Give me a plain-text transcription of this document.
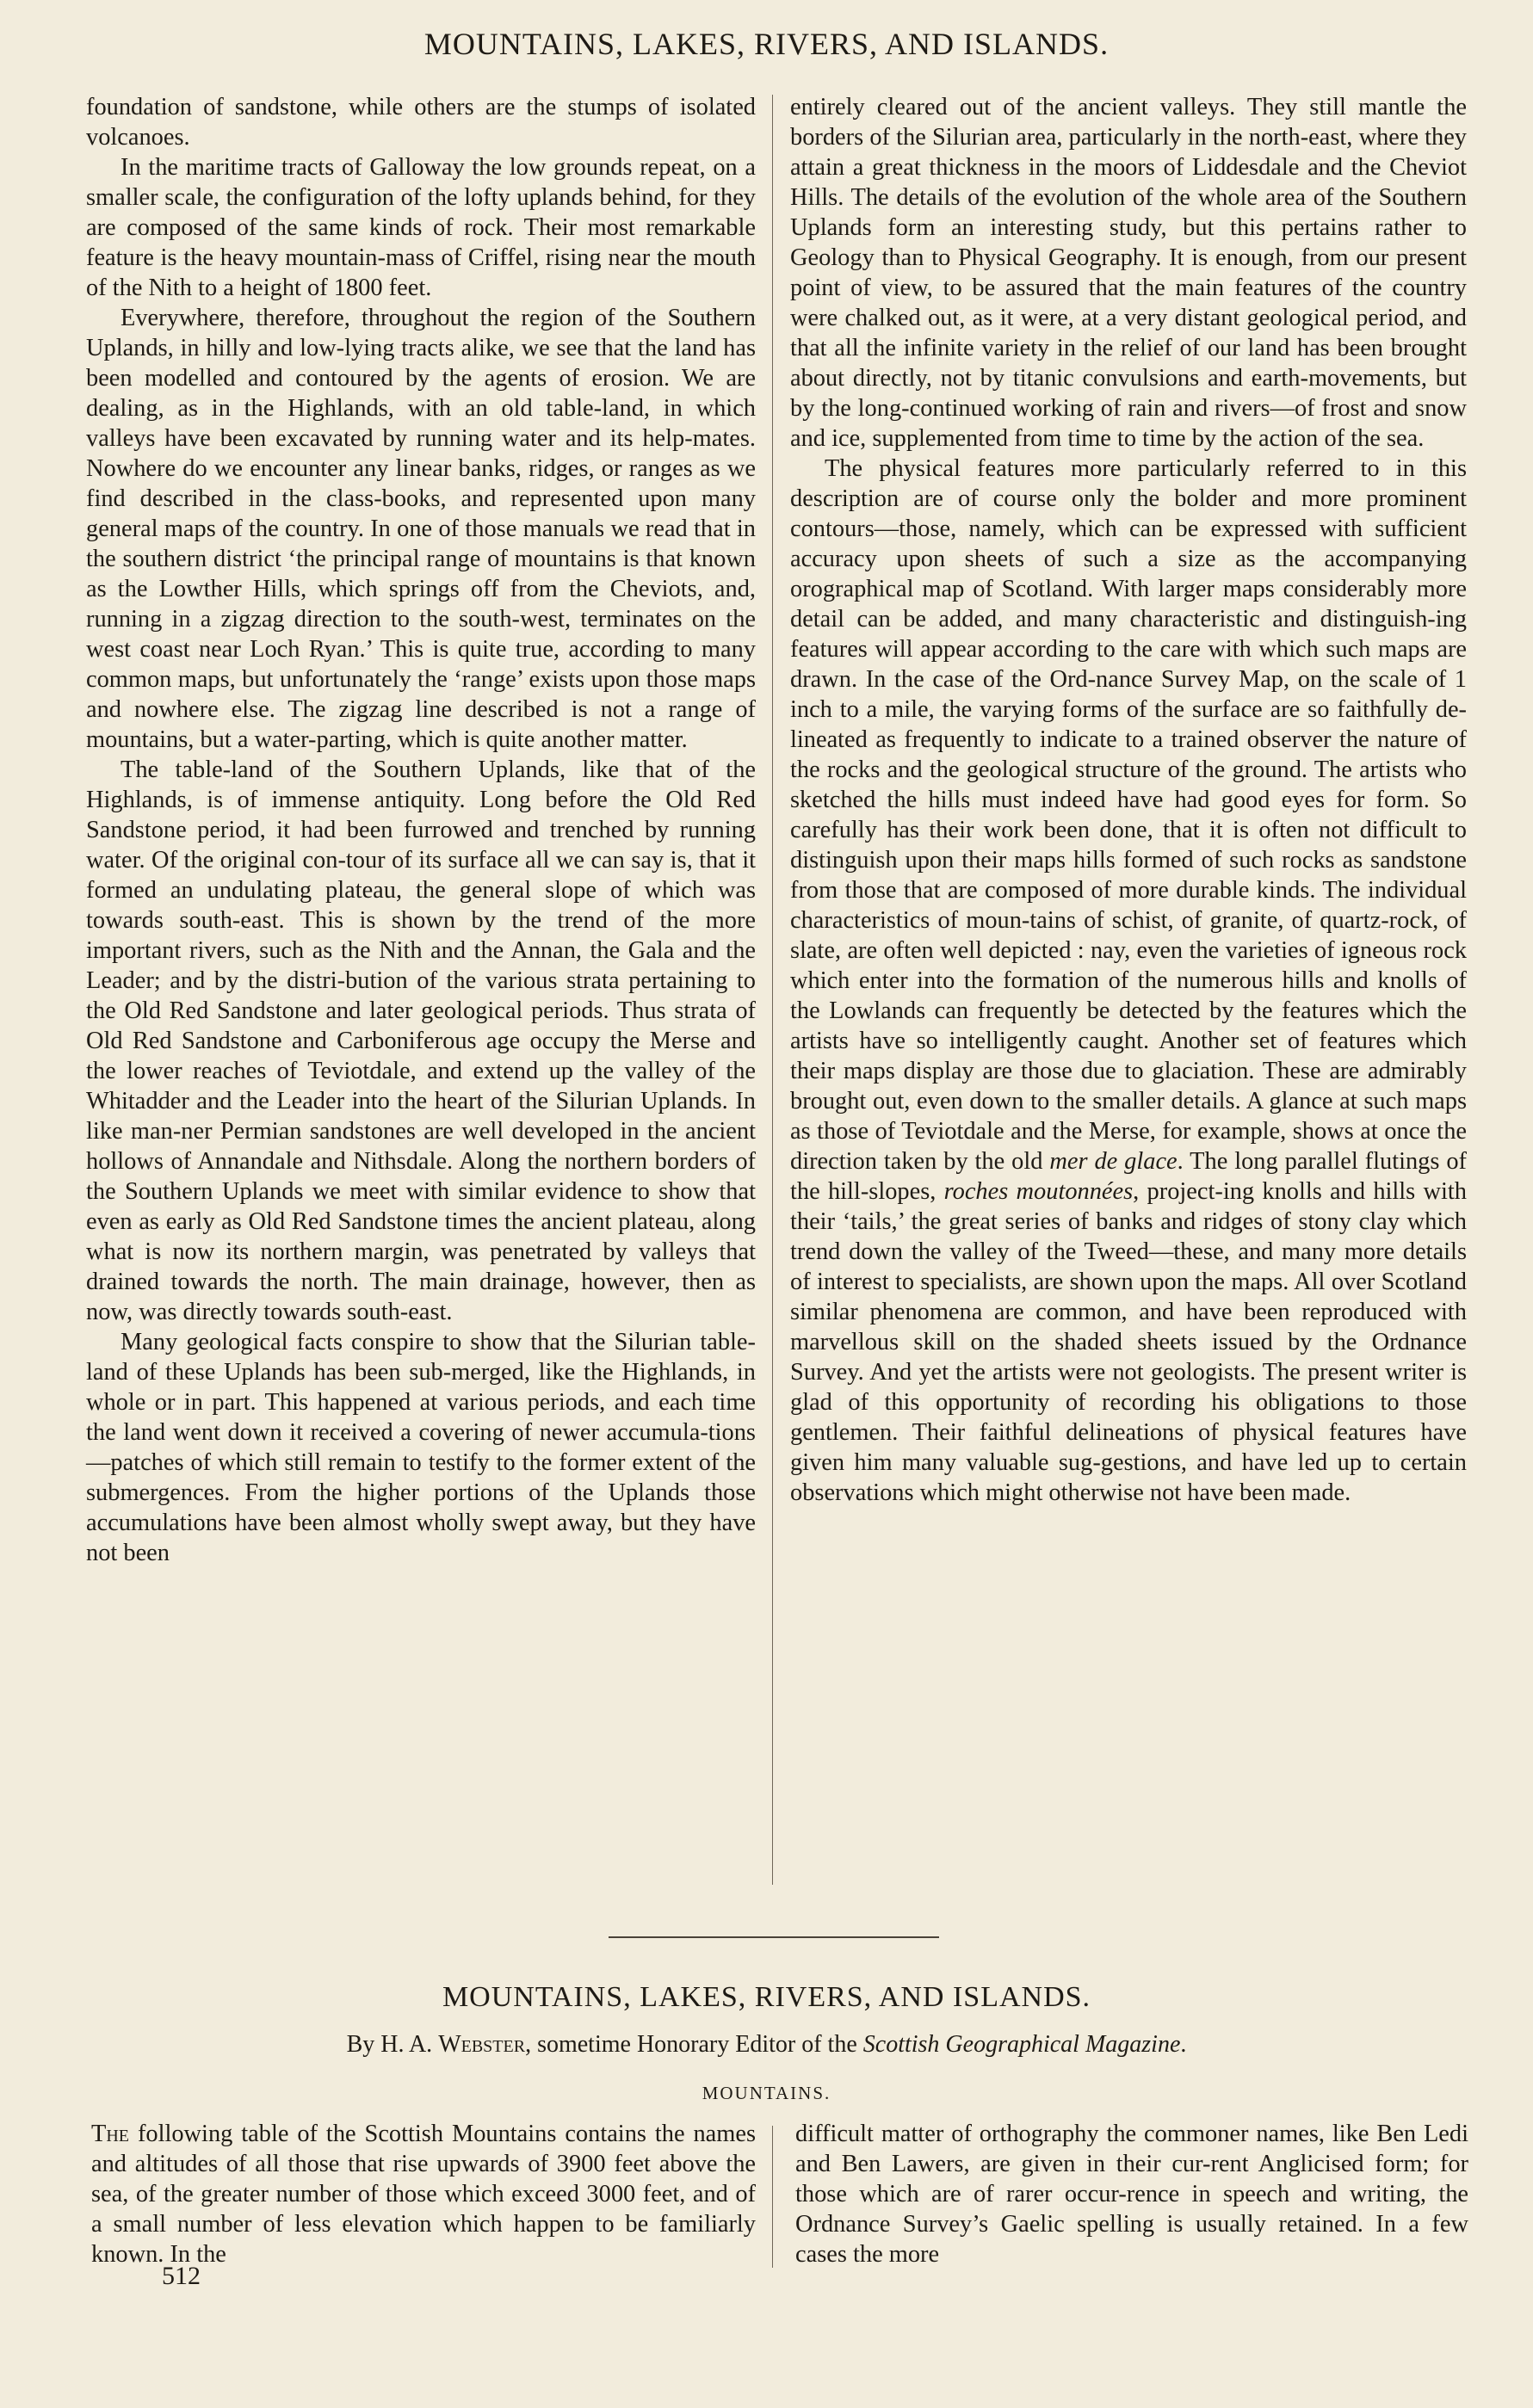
MOUNTAINS, LAKES, RIVERS, AND ISLANDS.

foundation of sandstone, while others are the stumps of isolated volcanoes.

In the maritime tracts of Galloway the low grounds repeat, on a smaller scale, the configuration of the lofty uplands behind, for they are composed of the same kinds of rock. Their most remarkable feature is the heavy mountain-mass of Criffel, rising near the mouth of the Nith to a height of 1800 feet.

Everywhere, therefore, throughout the region of the Southern Uplands, in hilly and low-lying tracts alike, we see that the land has been modelled and contoured by the agents of erosion. We are dealing, as in the Highlands, with an old table-land, in which valleys have been excavated by running water and its help-mates. Nowhere do we encounter any linear banks, ridges, or ranges as we find described in the class-books, and represented upon many general maps of the country. In one of those manuals we read that in the southern district ‘the principal range of mountains is that known as the Lowther Hills, which springs off from the Cheviots, and, running in a zigzag direction to the south-west, terminates on the west coast near Loch Ryan.’ This is quite true, according to many common maps, but unfortunately the ‘range’ exists upon those maps and nowhere else. The zigzag line described is not a range of mountains, but a water-parting, which is quite another matter.

The table-land of the Southern Uplands, like that of the Highlands, is of immense antiquity. Long before the Old Red Sandstone period, it had been furrowed and trenched by running water. Of the original con-tour of its surface all we can say is, that it formed an undulating plateau, the general slope of which was towards south-east. This is shown by the trend of the more important rivers, such as the Nith and the Annan, the Gala and the Leader; and by the distri-bution of the various strata pertaining to the Old Red Sandstone and later geological periods. Thus strata of Old Red Sandstone and Carboniferous age occupy the Merse and the lower reaches of Teviotdale, and extend up the valley of the Whitadder and the Leader into the heart of the Silurian Uplands. In like man-ner Permian sandstones are well developed in the ancient hollows of Annandale and Nithsdale. Along the northern borders of the Southern Uplands we meet with similar evidence to show that even as early as Old Red Sandstone times the ancient plateau, along what is now its northern margin, was penetrated by valleys that drained towards the north. The main drainage, however, then as now, was directly towards south-east.

Many geological facts conspire to show that the Silurian table-land of these Uplands has been sub-merged, like the Highlands, in whole or in part. This happened at various periods, and each time the land went down it received a covering of newer accumula-tions—patches of which still remain to testify to the former extent of the submergences. From the higher portions of the Uplands those accumulations have been almost wholly swept away, but they have not been

entirely cleared out of the ancient valleys. They still mantle the borders of the Silurian area, particularly in the north-east, where they attain a great thickness in the moors of Liddesdale and the Cheviot Hills. The details of the evolution of the whole area of the Southern Uplands form an interesting study, but this pertains rather to Geology than to Physical Geography. It is enough, from our present point of view, to be assured that the main features of the country were chalked out, as it were, at a very distant geological period, and that all the infinite variety in the relief of our land has been brought about directly, not by titanic convulsions and earth-movements, but by the long-continued working of rain and rivers—of frost and snow and ice, supplemented from time to time by the action of the sea.

The physical features more particularly referred to in this description are of course only the bolder and more prominent contours—those, namely, which can be expressed with sufficient accuracy upon sheets of such a size as the accompanying orographical map of Scotland. With larger maps considerably more detail can be added, and many characteristic and distinguish-ing features will appear according to the care with which such maps are drawn. In the case of the Ord-nance Survey Map, on the scale of 1 inch to a mile, the varying forms of the surface are so faithfully de-lineated as frequently to indicate to a trained observer the nature of the rocks and the geological structure of the ground. The artists who sketched the hills must indeed have had good eyes for form. So carefully has their work been done, that it is often not difficult to distinguish upon their maps hills formed of such rocks as sandstone from those that are composed of more durable kinds. The individual characteristics of moun-tains of schist, of granite, of quartz-rock, of slate, are often well depicted : nay, even the varieties of igneous rock which enter into the formation of the numerous hills and knolls of the Lowlands can frequently be detected by the features which the artists have so intelligently caught. Another set of features which their maps display are those due to glaciation. These are admirably brought out, even down to the smaller details. A glance at such maps as those of Teviotdale and the Merse, for example, shows at once the direction taken by the old mer de glace. The long parallel flutings of the hill-slopes, roches moutonnées, project-ing knolls and hills with their ‘tails,’ the great series of banks and ridges of stony clay which trend down the valley of the Tweed—these, and many more details of interest to specialists, are shown upon the maps. All over Scotland similar phenomena are common, and have been reproduced with marvellous skill on the shaded sheets issued by the Ordnance Survey. And yet the artists were not geologists. The present writer is glad of this opportunity of recording his obligations to those gentlemen. Their faithful delineations of physical features have given him many valuable sug-gestions, and have led up to certain observations which might otherwise not have been made.

MOUNTAINS, LAKES, RIVERS, AND ISLANDS.
By H. A. Webster, sometime Honorary Editor of the Scottish Geographical Magazine.
MOUNTAINS.

The following table of the Scottish Mountains contains the names and altitudes of all those that rise upwards of 3900 feet above the sea, of the greater number of those which exceed 3000 feet, and of a small number of less elevation which happen to be familiarly known. In the

difficult matter of orthography the commoner names, like Ben Ledi and Ben Lawers, are given in their cur-rent Anglicised form; for those which are of rarer occur-rence in speech and writing, the Ordnance Survey’s Gaelic spelling is usually retained. In a few cases the more

512
